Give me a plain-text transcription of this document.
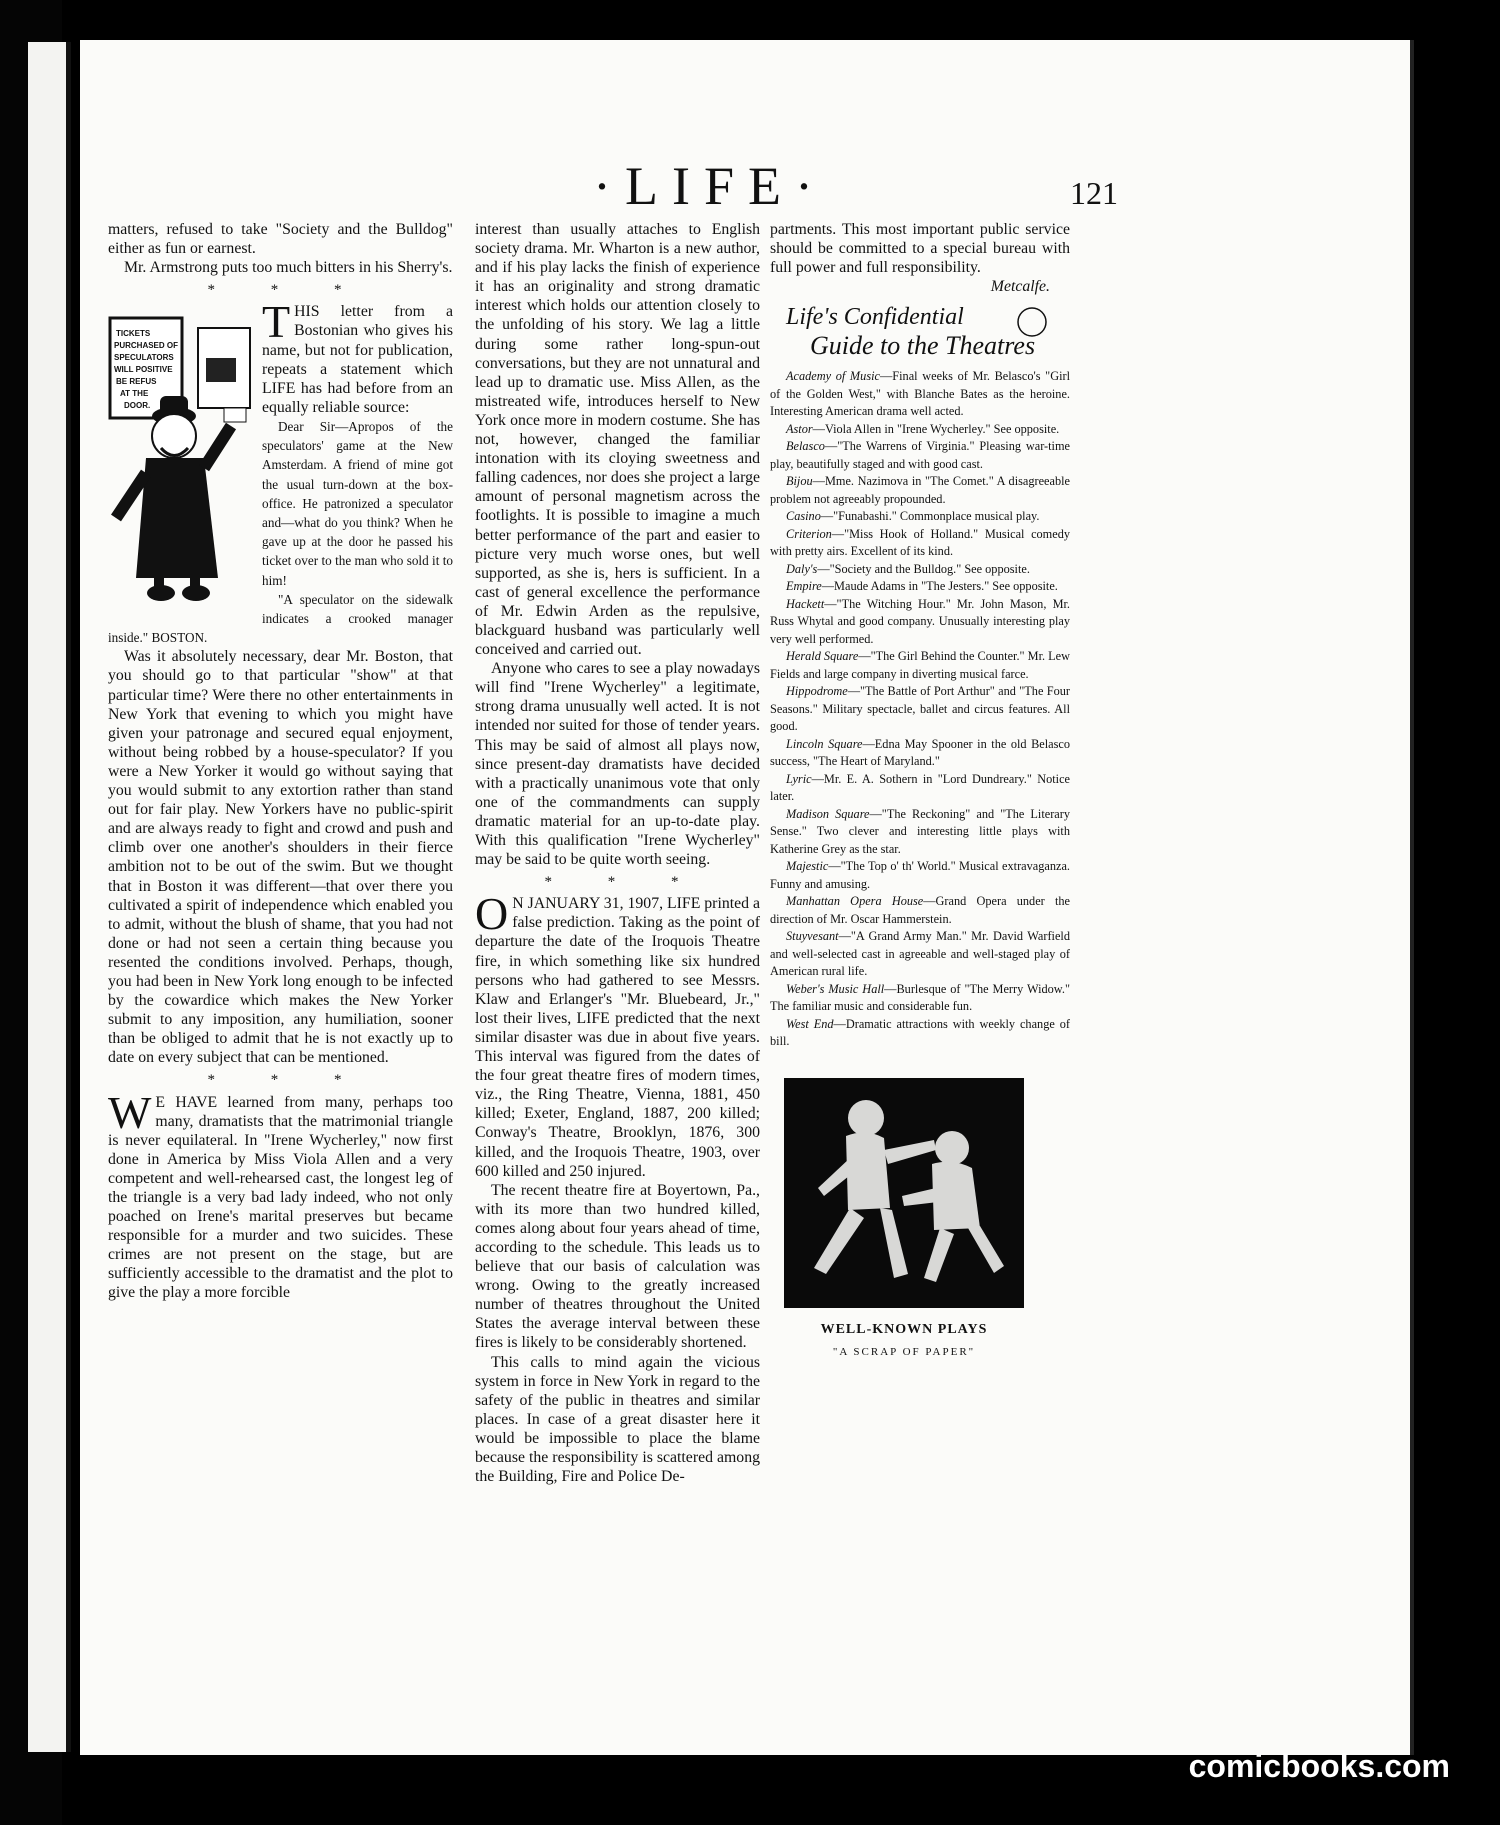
·LIFE·	121

matters, refused to take "Society and the Bulldog" either as fun or earnest.

Mr. Armstrong puts too much bitters in his Sherry's.

* * *
TICKETS PURCHASED OF SPECULATORS WILL POSITIVE BE REFUS AT THE DOOR.

THIS letter from a Bostonian who gives his name, but not for publication, repeats a statement which LIFE has had before from an equally reliable source:

Dear Sir—Apropos of the speculators' game at the New Amsterdam. A friend of mine got the usual turn-down at the box-office. He patronized a speculator and—what do you think? When he gave up at the door he passed his ticket over to the man who sold it to him!

"A speculator on the sidewalk indicates a crooked manager inside." BOSTON.

Was it absolutely necessary, dear Mr. Boston, that you should go to that particular "show" at that particular time? Were there no other entertainments in New York that evening to which you might have given your patronage and secured equal enjoyment, without being robbed by a house-speculator? If you were a New Yorker it would go without saying that you would submit to any extortion rather than stand out for fair play. New Yorkers have no public-spirit and are always ready to fight and crowd and push and climb over one another's shoulders in their fierce ambition not to be out of the swim. But we thought that in Boston it was different—that over there you cultivated a spirit of independence which enabled you to admit, without the blush of shame, that you had not done or had not seen a certain thing because you resented the conditions involved. Perhaps, though, you had been in New York long enough to be infected by the cowardice which makes the New Yorker submit to any imposition, any humiliation, sooner than be obliged to admit that he is not exactly up to date on every subject that can be mentioned.

* * *

W E HAVE learned from many, perhaps too many, dramatists that the matrimonial triangle is never equilateral. In "Irene Wycherley," now first done in America by Miss Viola Allen and a very competent and well-rehearsed cast, the longest leg of the triangle is a very bad lady indeed, who not only poached on Irene's marital preserves but became responsible for a murder and two suicides. These crimes are not present on the stage, but are sufficiently accessible to the dramatist and the plot to give the play a more forcible

interest than usually attaches to English society drama. Mr. Wharton is a new author, and if his play lacks the finish of experience it has an originality and strong dramatic interest which holds our attention closely to the unfolding of his story. We lag a little during some rather long-spun-out conversations, but they are not unnatural and lead up to dramatic use. Miss Allen, as the mistreated wife, introduces herself to New York once more in modern costume. She has not, however, changed the familiar intonation with its cloying sweetness and falling cadences, nor does she project a large amount of personal magnetism across the footlights. It is possible to imagine a much better performance of the part and easier to picture very much worse ones, but well supported, as she is, hers is sufficient. In a cast of general excellence the performance of Mr. Edwin Arden as the repulsive, blackguard husband was particularly well conceived and carried out.

Anyone who cares to see a play nowadays will find "Irene Wycherley" a legitimate, strong drama unusually well acted. It is not intended nor suited for those of tender years. This may be said of almost all plays now, since present-day dramatists have decided with a practically unanimous vote that only one of the commandments can supply dramatic material for an up-to-date play. With this qualification "Irene Wycherley" may be said to be quite worth seeing.

* * *

O N JANUARY 31, 1907, LIFE printed a false prediction. Taking as the point of departure the date of the Iroquois Theatre fire, in which something like six hundred persons who had gathered to see Messrs. Klaw and Erlanger's "Mr. Bluebeard, Jr.," lost their lives, LIFE predicted that the next similar disaster was due in about five years. This interval was figured from the dates of the four great theatre fires of modern times, viz., the Ring Theatre, Vienna, 1881, 450 killed; Exeter, England, 1887, 200 killed; Conway's Theatre, Brooklyn, 1876, 300 killed, and the Iroquois Theatre, 1903, over 600 killed and 250 injured.

The recent theatre fire at Boyertown, Pa., with its more than two hundred killed, comes along about four years ahead of time, according to the schedule. This leads us to believe that our basis of calculation was wrong. Owing to the greatly increased number of theatres throughout the United States the average interval between these fires is likely to be considerably shortened.

This calls to mind again the vicious system in force in New York in regard to the safety of the public in theatres and similar places. In case of a great disaster here it would be impossible to place the blame because the responsibility is scattered among the Building, Fire and Police De-

partments. This most important public service should be committed to a special bureau with full power and full responsibility.

Metcalfe.
Life's Confidential
Guide to the Theatres

Academy of Music—Final weeks of Mr. Belasco's "Girl of the Golden West," with Blanche Bates as the heroine. Interesting American drama well acted.

Astor—Viola Allen in "Irene Wycherley." See opposite.

Belasco—"The Warrens of Virginia." Pleasing war-time play, beautifully staged and with good cast.

Bijou—Mme. Nazimova in "The Comet." A disagreeable problem not agreeably propounded.

Casino—"Funabashi." Commonplace musical play.

Criterion—"Miss Hook of Holland." Musical comedy with pretty airs. Excellent of its kind.

Daly's—"Society and the Bulldog." See opposite.

Empire—Maude Adams in "The Jesters." See opposite.

Hackett—"The Witching Hour." Mr. John Mason, Mr. Russ Whytal and good company. Unusually interesting play very well performed.

Herald Square—"The Girl Behind the Counter." Mr. Lew Fields and large company in diverting musical farce.

Hippodrome—"The Battle of Port Arthur" and "The Four Seasons." Military spectacle, ballet and circus features. All good.

Lincoln Square—Edna May Spooner in the old Belasco success, "The Heart of Maryland."

Lyric—Mr. E. A. Sothern in "Lord Dundreary." Notice later.

Madison Square—"The Reckoning" and "The Literary Sense." Two clever and interesting little plays with Katherine Grey as the star.

Majestic—"The Top o' th' World." Musical extravaganza. Funny and amusing.

Manhattan Opera House—Grand Opera under the direction of Mr. Oscar Hammerstein.

Stuyvesant—"A Grand Army Man." Mr. David Warfield and well-selected cast in agreeable and well-staged play of American rural life.

Weber's Music Hall—Burlesque of "The Merry Widow." The familiar music and considerable fun.

West End—Dramatic attractions with weekly change of bill.

WELL-KNOWN PLAYS
"A SCRAP OF PAPER"
comicbooks.com
